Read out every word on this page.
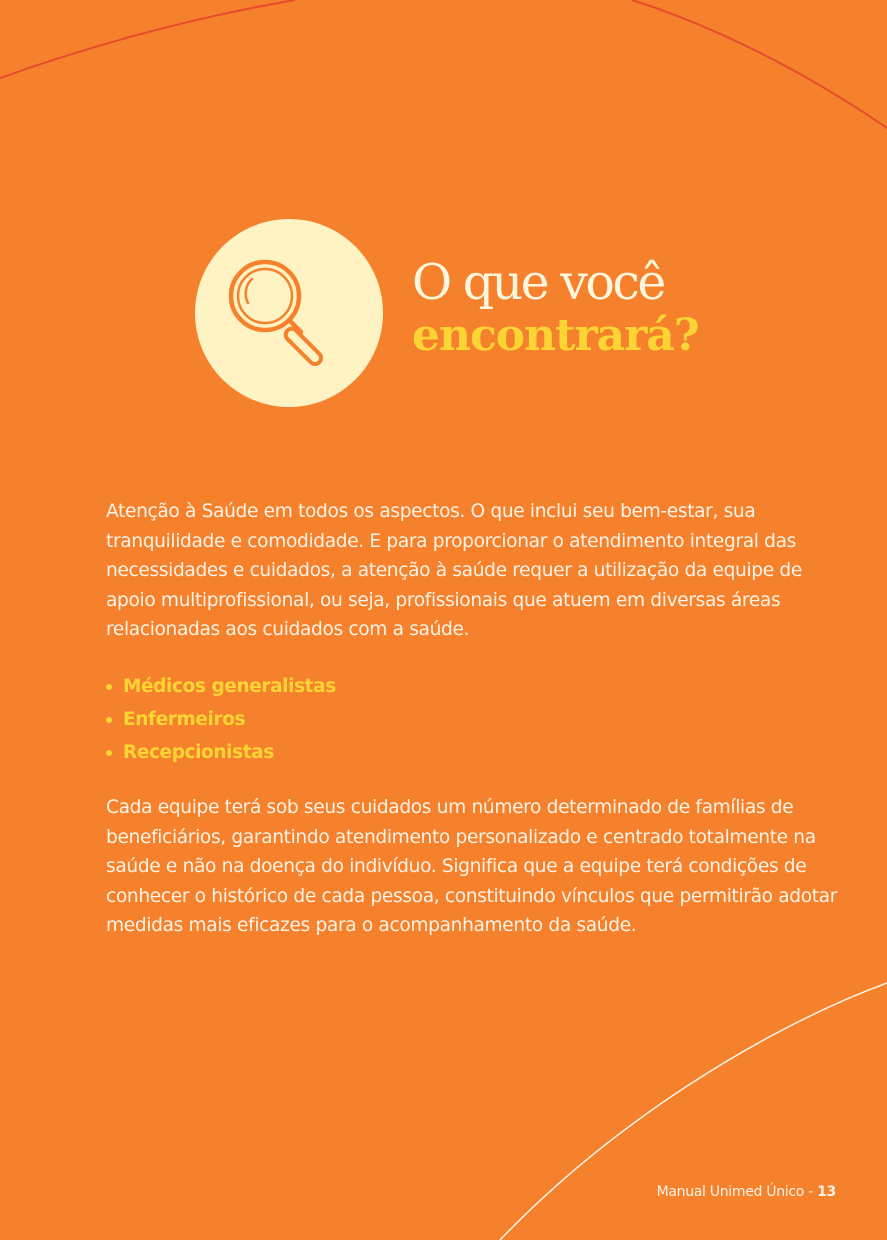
O que você
encontrará?

Atenção à Saúde em todos os aspectos. O que inclui seu bem-estar, sua tranquilidade e comodidade. E para proporcionar o atendimento integral das necessidades e cuidados, a atenção à saúde requer a utilização da equipe de apoio multiprofissional, ou seja, profissionais que atuem em diversas áreas relacionadas aos cuidados com a saúde.

Médicos generalistas
Enfermeiros
Recepcionistas

Cada equipe terá sob seus cuidados um número determinado de famílias de beneficiários, garantindo atendimento personalizado e centrado totalmente na saúde e não na doença do indivíduo. Significa que a equipe terá condições de conhecer o histórico de cada pessoa, constituindo vínculos que permitirão adotar medidas mais eficazes para o acompanhamento da saúde.

Manual Unimed Único - 13
